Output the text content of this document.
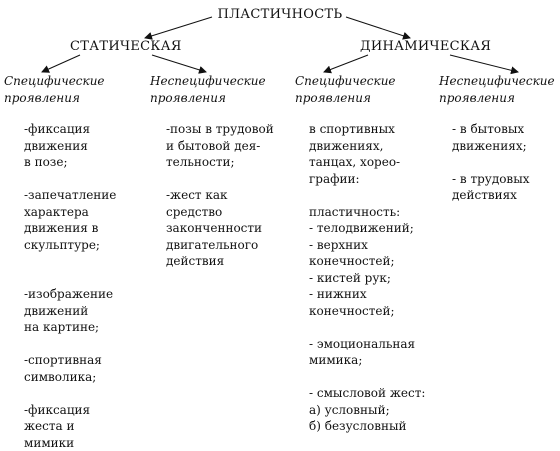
ПЛАСТИЧНОСТЬ
СТАТИЧЕСКАЯ	ДИНАМИЧЕСКАЯ
Специфические
проявления
Неспецифические
проявления
Специфические
проявления
Неспецифические
проявления
-фиксация
движения
в позе;

-запечатление
характера
движения в
скульптуре;

-изображение
движений
на картине;

-спортивная
символика;

-фиксация
жеста и
мимики
-позы в трудовой
и бытовой дея-
тельности;

-жест как
средство
законченности
двигательного
действия
в спортивных
движениях,
танцах, хорео-
графии:

пластичность:
- телодвижений;
- верхних
конечностей;
- кистей рук;
- нижних
конечностей;

- эмоциональная
мимика;

- смысловой жест:
а) условный;
б) безусловный
- в бытовых
движениях;

- в трудовых
действиях
